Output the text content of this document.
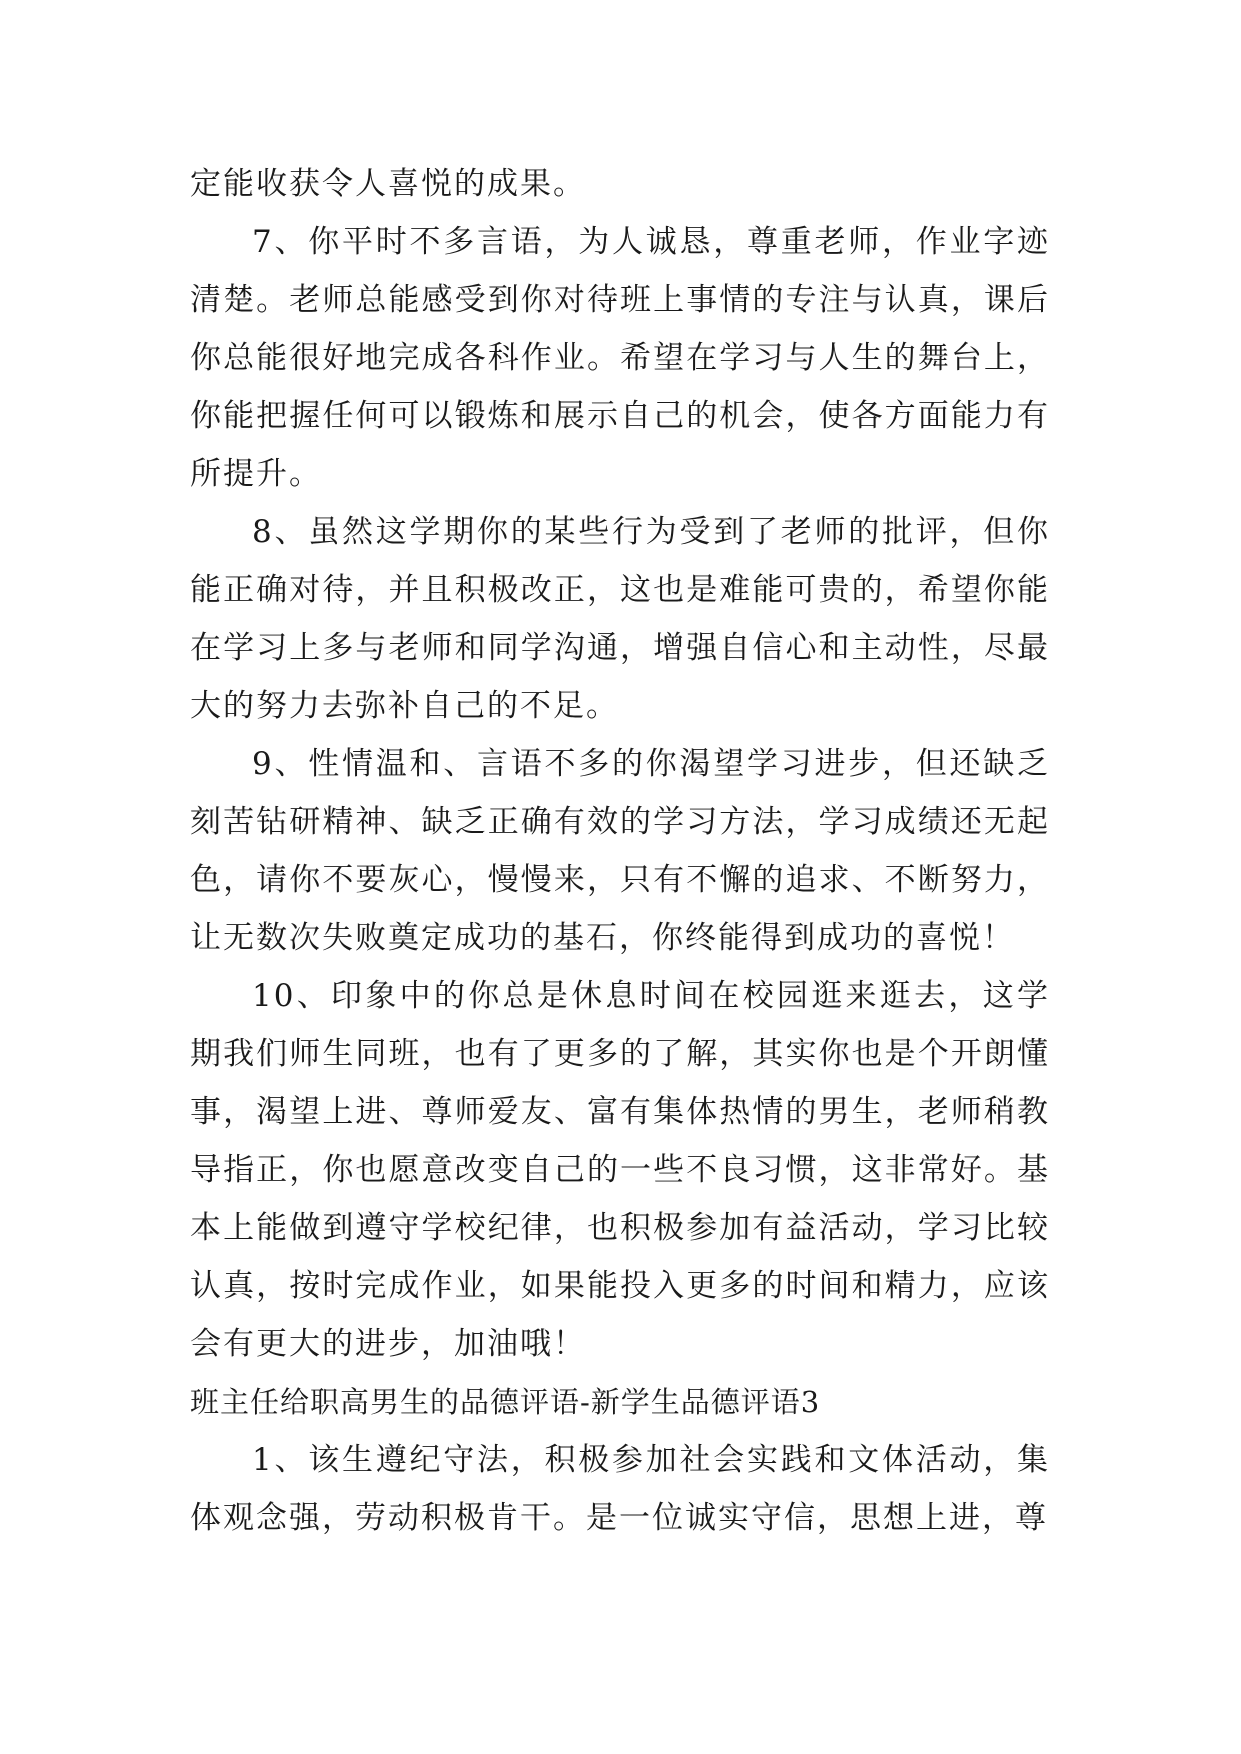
定能收获令人喜悦的成果。

7、你平时不多言语，为人诚恳，尊重老师，作业字迹清楚。老师总能感受到你对待班上事情的专注与认真，课后你总能很好地完成各科作业。希望在学习与人生的舞台上，你能把握任何可以锻炼和展示自己的机会，使各方面能力有所提升。

8、虽然这学期你的某些行为受到了老师的批评，但你能正确对待，并且积极改正，这也是难能可贵的，希望你能在学习上多与老师和同学沟通，增强自信心和主动性，尽最大的努力去弥补自己的不足。

9、性情温和、言语不多的你渴望学习进步，但还缺乏刻苦钻研精神、缺乏正确有效的学习方法，学习成绩还无起色，请你不要灰心，慢慢来，只有不懈的追求、不断努力，让无数次失败奠定成功的基石，你终能得到成功的喜悦！

10、印象中的你总是休息时间在校园逛来逛去，这学期我们师生同班，也有了更多的了解，其实你也是个开朗懂事，渴望上进、尊师爱友、富有集体热情的男生，老师稍教导指正，你也愿意改变自己的一些不良习惯，这非常好。基本上能做到遵守学校纪律，也积极参加有益活动，学习比较认真，按时完成作业，如果能投入更多的时间和精力，应该会有更大的进步，加油哦！

班主任给职高男生的品德评语-新学生品德评语3

1、该生遵纪守法，积极参加社会实践和文体活动，集体观念强，劳动积极肯干。是一位诚实守信，思想上进，尊
